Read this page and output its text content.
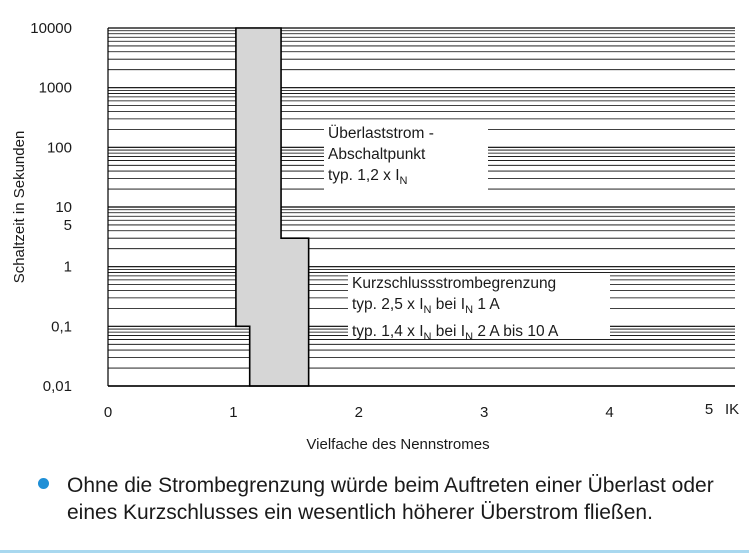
0,01
0,1
1
5
10
100
1000
10000
0	1	2	3	4	5 IK
Schaltzeit in Sekunden
Vielfache des Nennstromes
Überlaststrom -
Abschaltpunkt
typ. 1,2 x $I_N$
Kurzschlussstrombegrenzung
typ. 2,5 x $I_N$ bei $I_N$ 1 A
typ. 1,4 x $I_N$ bei $I_N$ 2 A bis 10 A
Ohne die Strombegrenzung würde beim Auftreten einer Überlast oder eines Kurzschlusses ein wesentlich höherer Überstrom fließen.
